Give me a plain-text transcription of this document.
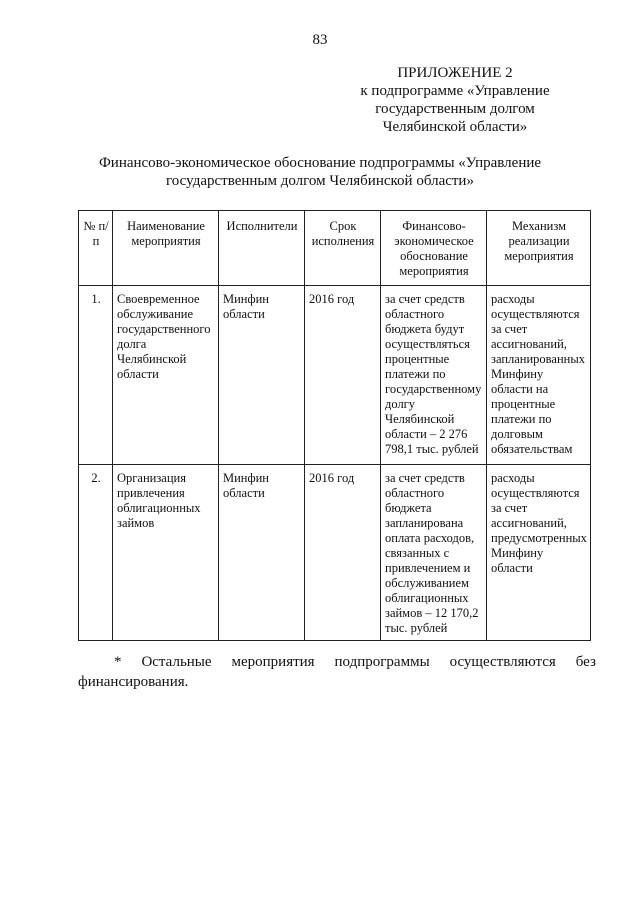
83
ПРИЛОЖЕНИЕ 2
к подпрограмме «Управление
государственным долгом
Челябинской области»
Финансово-экономическое обоснование подпрограммы «Управление
государственным долгом Челябинской области»
№ п/п	Наименование мероприятия	Исполнители	Срок исполнения	Финансово-экономическое обоснование мероприятия	Механизм реализации мероприятия
1.	Своевременное обслуживание государственного долга Челябинской области	Минфин области	2016 год	за счет средств областного бюджета будут осуществляться процентные платежи по государственному долгу Челябинской области – 2 276 798,1 тыс. рублей	расходы осуществляются за счет ассигнований, запланированных Минфину области на процентные платежи по долговым обязательствам
2.	Организация привлечения облигационных займов	Минфин области	2016 год	за счет средств областного бюджета запланирована оплата расходов, связанных с привлечением и обслуживанием облигационных займов – 12 170,2 тыс. рублей	расходы осуществляются за счет ассигнований, предусмотренных Минфину области
* Остальные мероприятия подпрограммы осуществляются без
финансирования.
